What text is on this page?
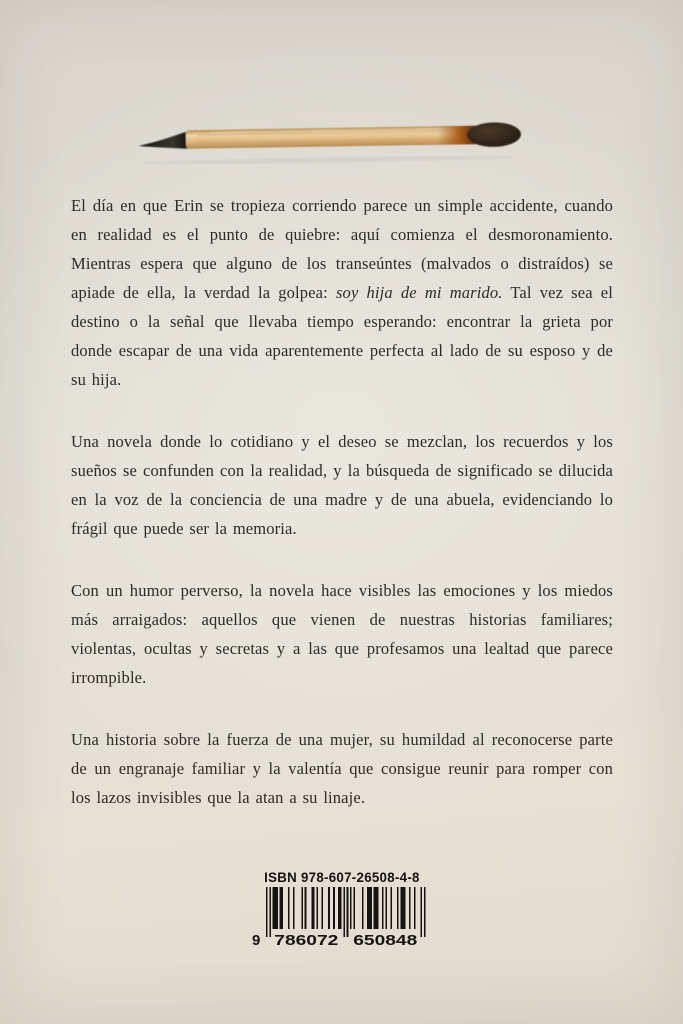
El día en que Erin se tropieza corriendo parece un simple accidente, cuando en realidad es el punto de quiebre: aquí comienza el desmoronamiento. Mientras espera que alguno de los transeúntes (malvados o distraídos) se apiade de ella, la verdad la golpea: soy hija de mi marido. Tal vez sea el destino o la señal que llevaba tiempo esperando: encontrar la grieta por donde escapar de una vida aparentemente perfecta al lado de su esposo y de su hija.

Una novela donde lo cotidiano y el deseo se mezclan, los recuerdos y los sueños se confunden con la realidad, y la búsqueda de significado se dilucida en la voz de la conciencia de una madre y de una abuela, evidenciando lo frágil que puede ser la memoria.

Con un humor perverso, la novela hace visibles las emociones y los miedos más arraigados: aquellos que vienen de nuestras historias familiares; violentas, ocultas y secretas y a las que profesamos una lealtad que parece irrompible.

Una historia sobre la fuerza de una mujer, su humildad al reconocerse parte de un engranaje familiar y la valentía que consigue reunir para romper con los lazos invisibles que la atan a su linaje.

ISBN 978-607-26508-4-8
9 786072 650848
